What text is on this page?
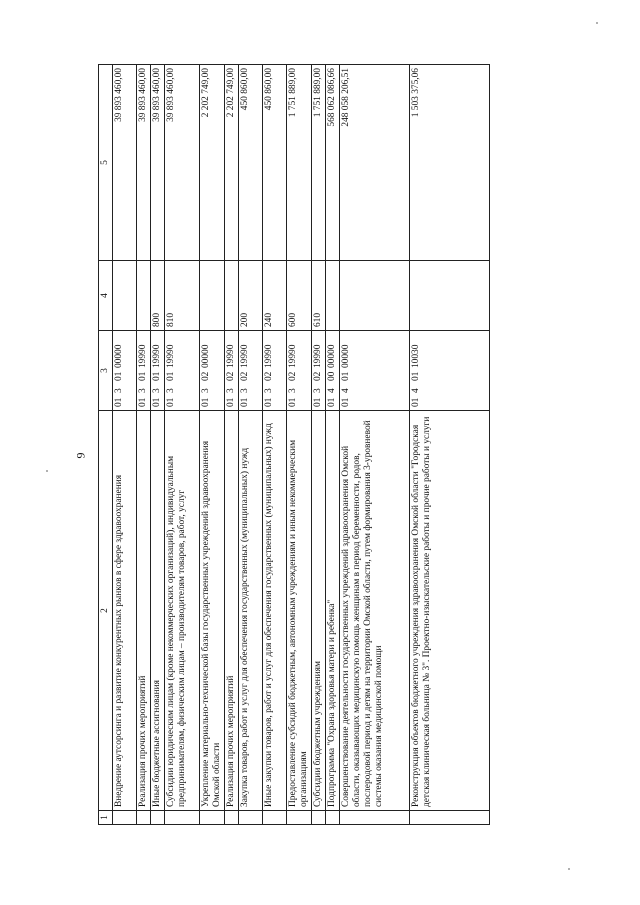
9
1	2	3	4	5
	Внедрение аутсорсинга и развитие конкурентных рынков в сфере здравоохранения	0130100000		39 893 460,00
	Реализация прочих мероприятий	0130119990		39 893 460,00
	Иные бюджетные ассигнования	0130119990	800	39 893 460,00
	Субсидии юридическим лицам (кроме некоммерческих организаций), индивидуальным предпринимателям, физическим лицам – производителям товаров, работ, услуг	0130119990	810	39 893 460,00
	Укрепление материально-технической базы государственных учреждений здравоохранения Омской области	0130200000		2 202 749,00
	Реализация прочих мероприятий	0130219990		2 202 749,00
	Закупка товаров, работ и услуг для обеспечения государственных (муниципальных) нужд	0130219990	200	450 860,00
	Иные закупки товаров, работ и услуг для обеспечения государственных (муниципальных) нужд	0130219990	240	450 860,00
	Предоставление субсидий бюджетным, автономным учреждениям и иным некоммерческим организациям	0130219990	600	1 751 889,00
	Субсидии бюджетным учреждениям	0130219990	610	1 751 889,00
	Подпрограмма "Охрана здоровья матери и ребенка"	0140000000		568 062 086,66
	Совершенствование деятельности государственных учреждений здравоохранения Омской области, оказывающих медицинскую помощь женщинам в период беременности, родов, послеродовой период и детям на территории Омской области, путем формирования 3-уровневой системы оказания медицинской помощи	0140100000		248 058 206,51
	Реконструкция объектов бюджетного учреждения здравоохранения Омской области "Городская детская клиническая больница № 3". Проектно-изыскательские работы и прочие работы и услуги	0140110030		1 503 375,06
